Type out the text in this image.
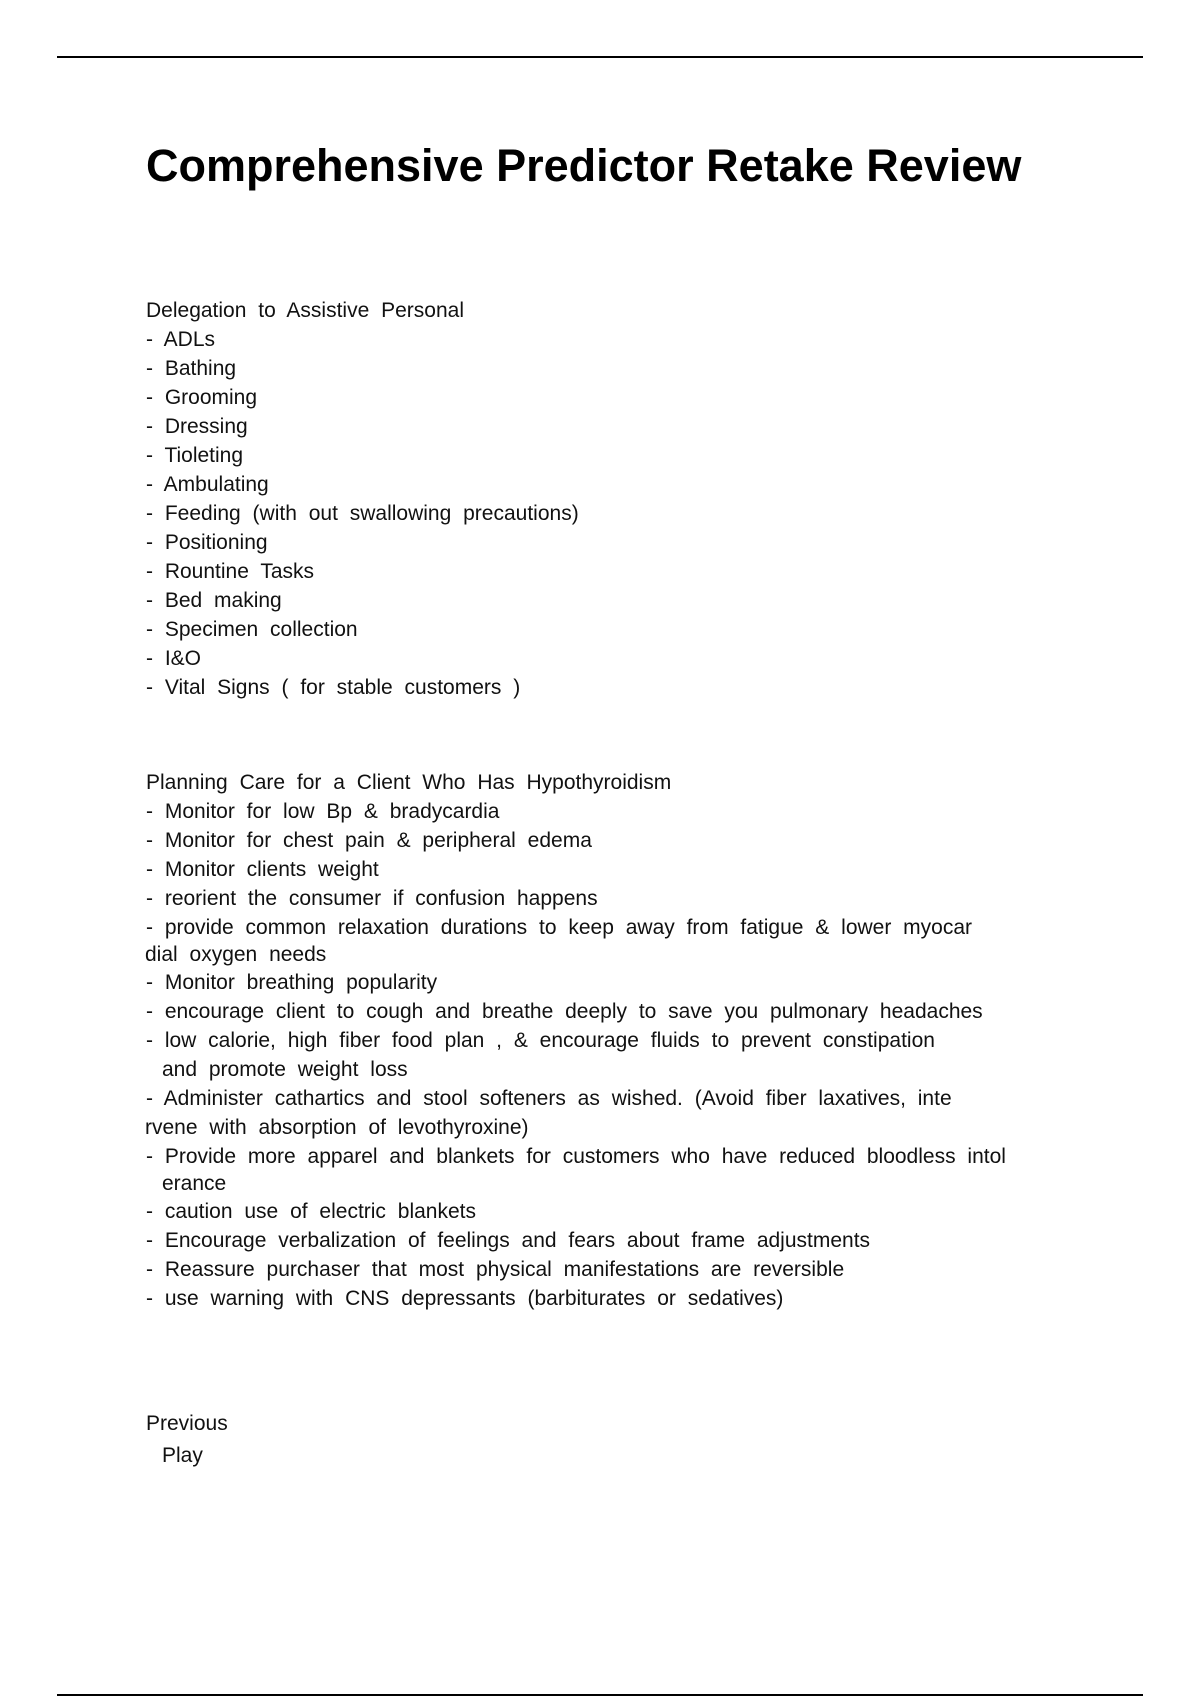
Comprehensive Predictor Retake Review
Delegation to Assistive Personal
- ADLs
- Bathing
- Grooming
- Dressing
- Tioleting
- Ambulating
- Feeding (with out swallowing precautions)
- Positioning
- Rountine Tasks
- Bed making
- Specimen collection
- I&O
- Vital Signs ( for stable customers )
Planning Care for a Client Who Has Hypothyroidism
- Monitor for low Bp & bradycardia
- Monitor for chest pain & peripheral edema
- Monitor clients weight
- reorient the consumer if confusion happens
- provide common relaxation durations to keep away from fatigue & lower myocar
dial oxygen needs
- Monitor breathing popularity
- encourage client to cough and breathe deeply to save you pulmonary headaches
- low calorie, high fiber food plan , & encourage fluids to prevent constipation
and promote weight loss
- Administer cathartics and stool softeners as wished. (Avoid fiber laxatives, inte
rvene with absorption of levothyroxine)
- Provide more apparel and blankets for customers who have reduced bloodless intol
erance
- caution use of electric blankets
- Encourage verbalization of feelings and fears about frame adjustments
- Reassure purchaser that most physical manifestations are reversible
- use warning with CNS depressants (barbiturates or sedatives)
Previous
Play
